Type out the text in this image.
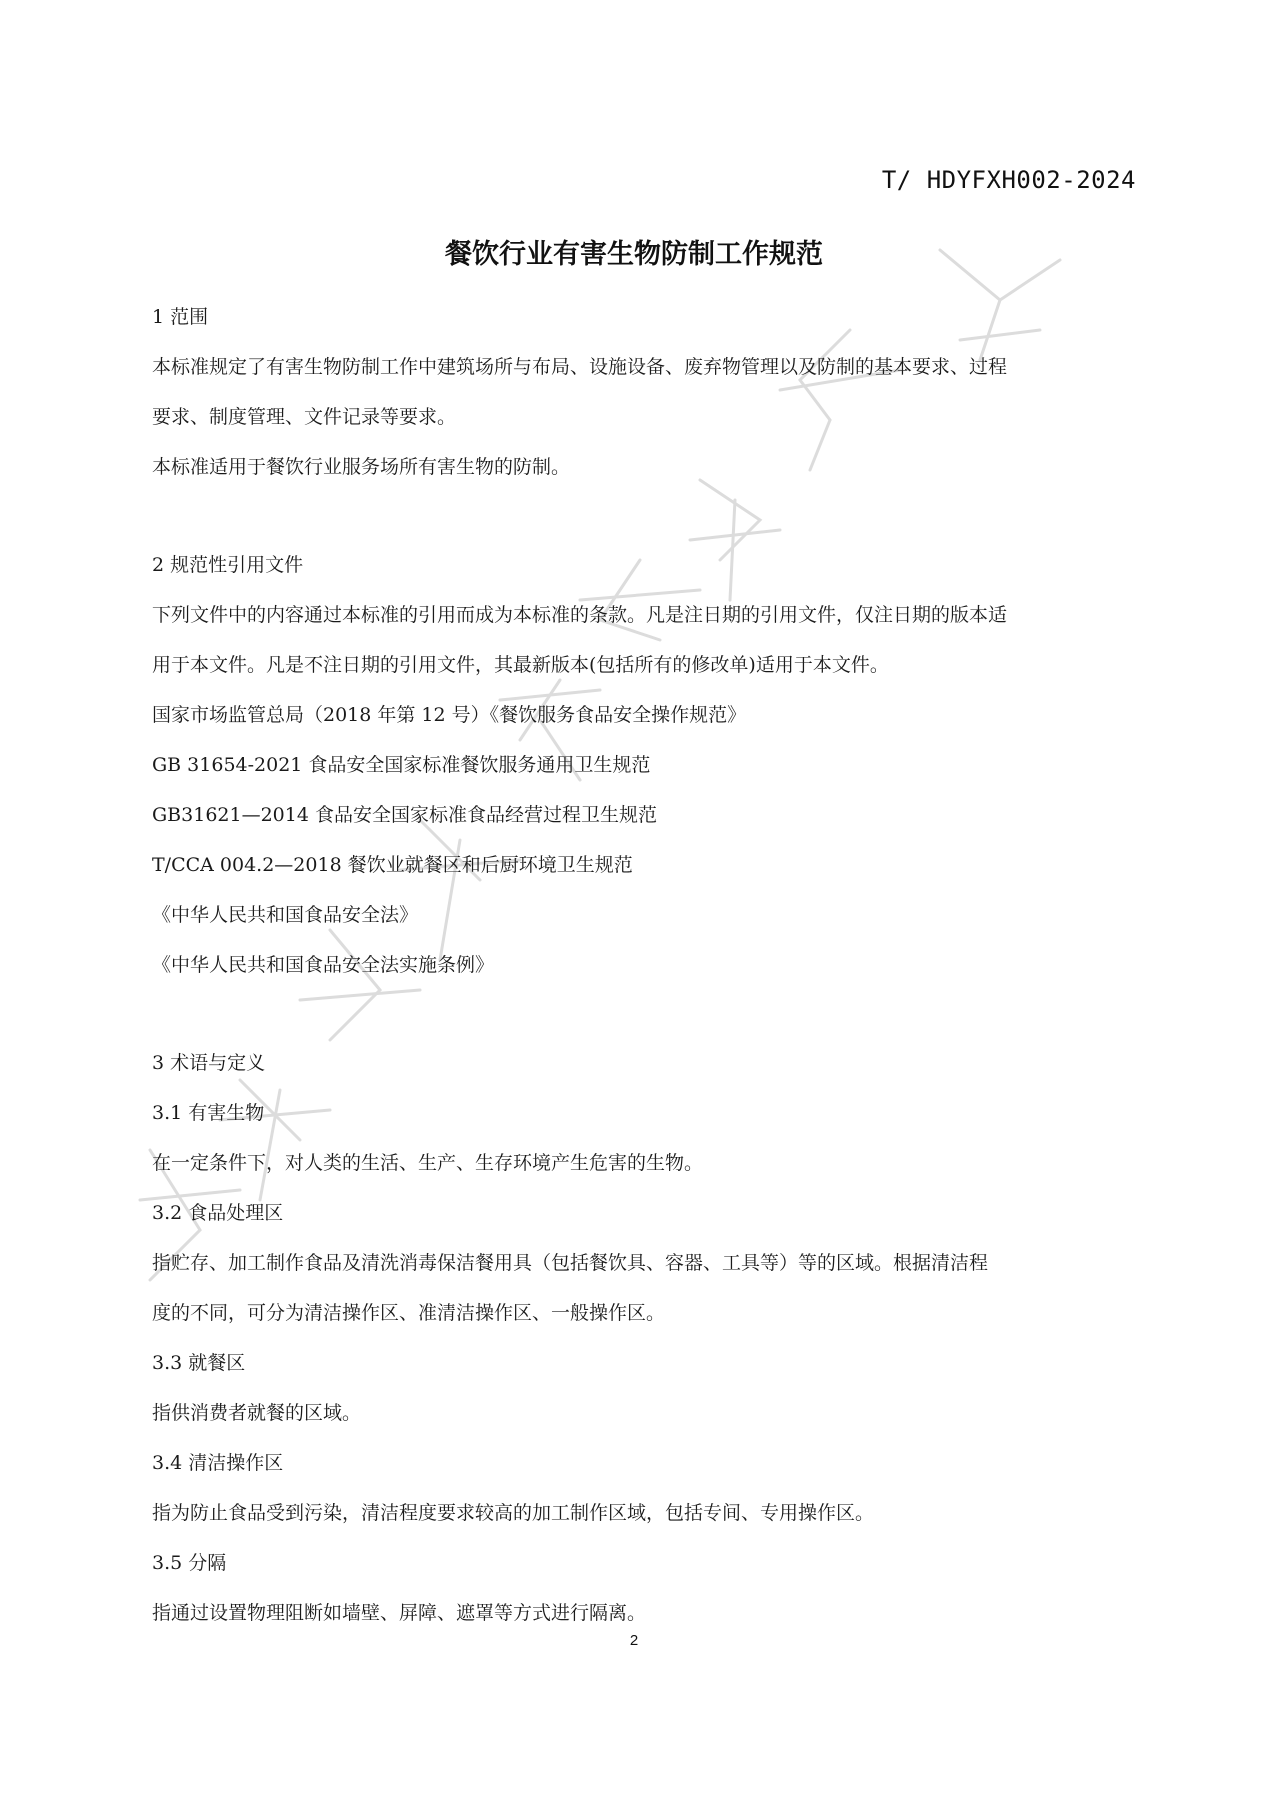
T/ HDYFXH002-2024
餐饮行业有害生物防制工作规范
1 范围
本标准规定了有害生物防制工作中建筑场所与布局、设施设备、废弃物管理以及防制的基本要求、过程
要求、制度管理、文件记录等要求。
本标准适用于餐饮行业服务场所有害生物的防制。
2 规范性引用文件
下列文件中的内容通过本标准的引用而成为本标准的条款。凡是注日期的引用文件，仅注日期的版本适
用于本文件。凡是不注日期的引用文件，其最新版本(包括所有的修改单)适用于本文件。
国家市场监管总局（2018 年第 12 号）《餐饮服务食品安全操作规范》
GB 31654-2021 食品安全国家标准餐饮服务通用卫生规范
GB31621—2014 食品安全国家标准食品经营过程卫生规范
T/CCA 004.2—2018 餐饮业就餐区和后厨环境卫生规范
《中华人民共和国食品安全法》
《中华人民共和国食品安全法实施条例》
3 术语与定义
3.1 有害生物
在一定条件下，对人类的生活、生产、生存环境产生危害的生物。
3.2 食品处理区
指贮存、加工制作食品及清洗消毒保洁餐用具（包括餐饮具、容器、工具等）等的区域。根据清洁程
度的不同，可分为清洁操作区、准清洁操作区、一般操作区。
3.3 就餐区
指供消费者就餐的区域。
3.4 清洁操作区
指为防止食品受到污染，清洁程度要求较高的加工制作区域，包括专间、专用操作区。
3.5 分隔
指通过设置物理阻断如墙壁、屏障、遮罩等方式进行隔离。
2
